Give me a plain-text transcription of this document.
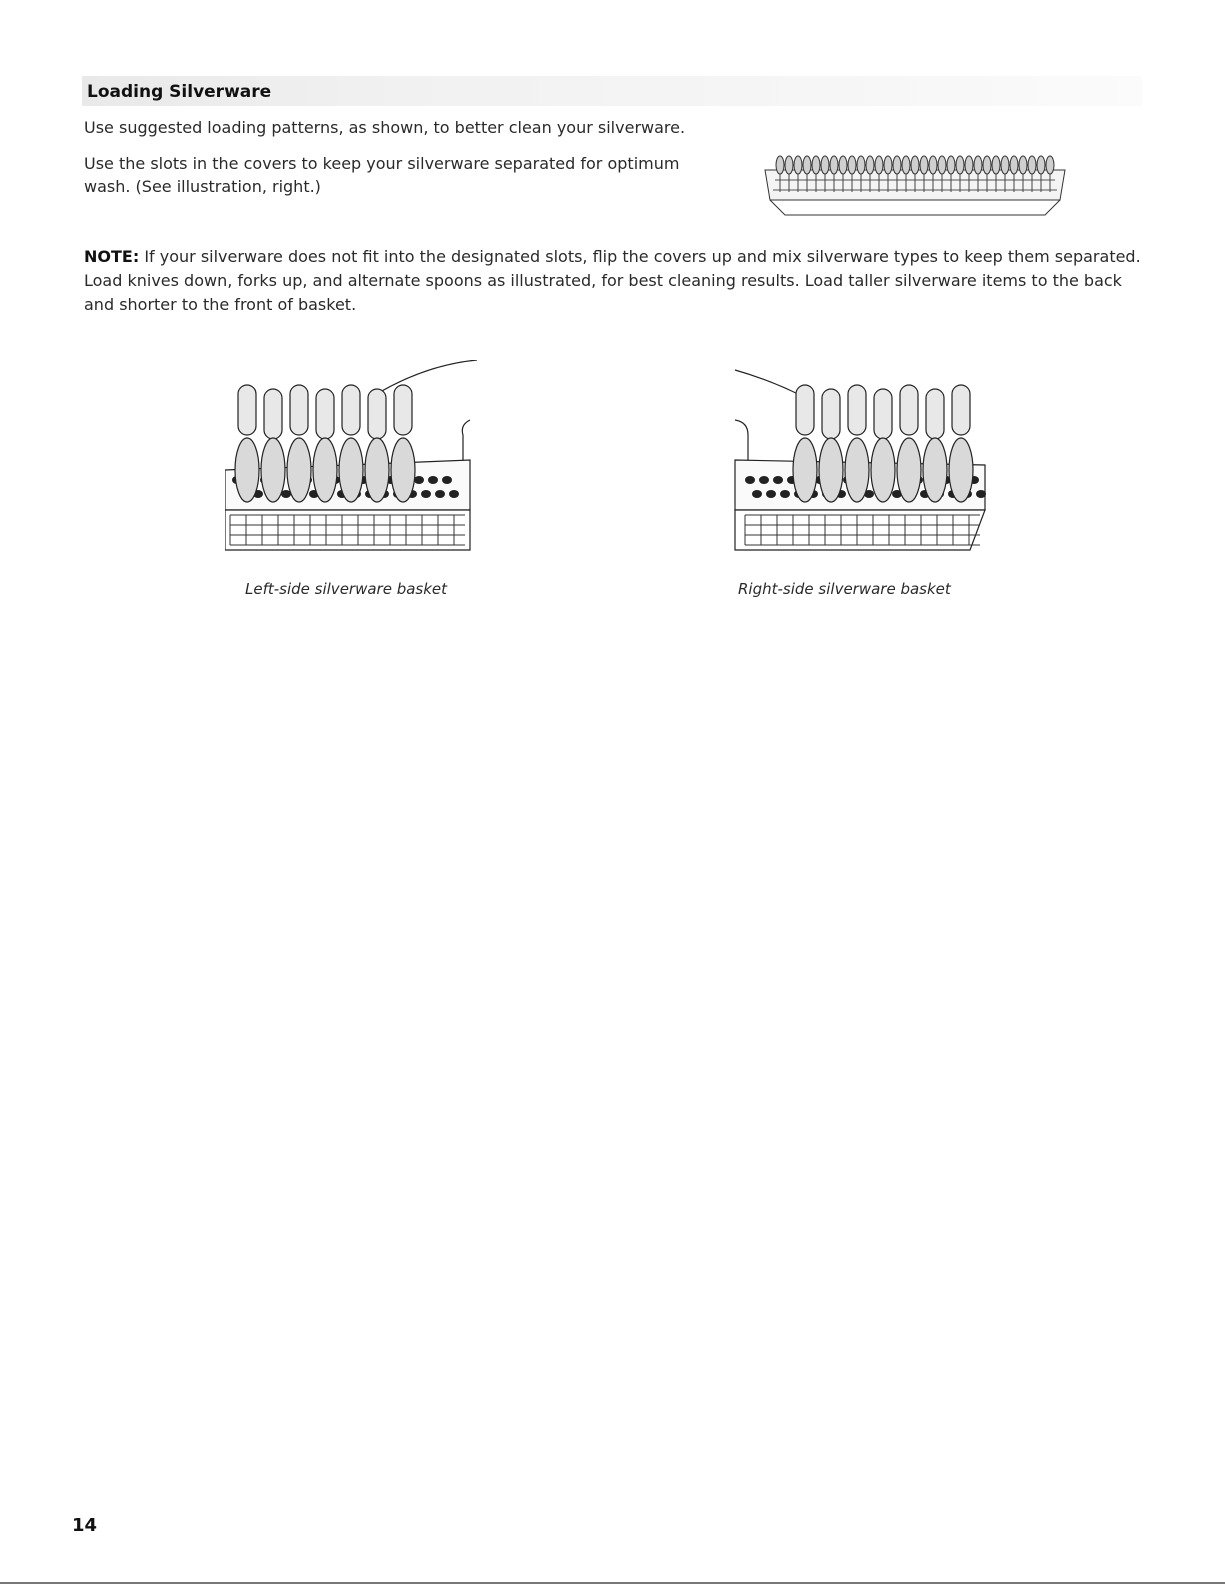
Loading Silverware

Use suggested loading patterns, as shown, to better clean your silverware.

Use the slots in the covers to keep your silverware separated for optimum wash. (See illustration, right.)

NOTE: If your silverware does not fit into the designated slots, flip the covers up and mix silverware types to keep them separated. Load knives down, forks up, and alternate spoons as illustrated, for best cleaning results. Load taller silverware items to the back and shorter to the front of basket.

Left-side silverware basket	Right-side silverware basket
14
